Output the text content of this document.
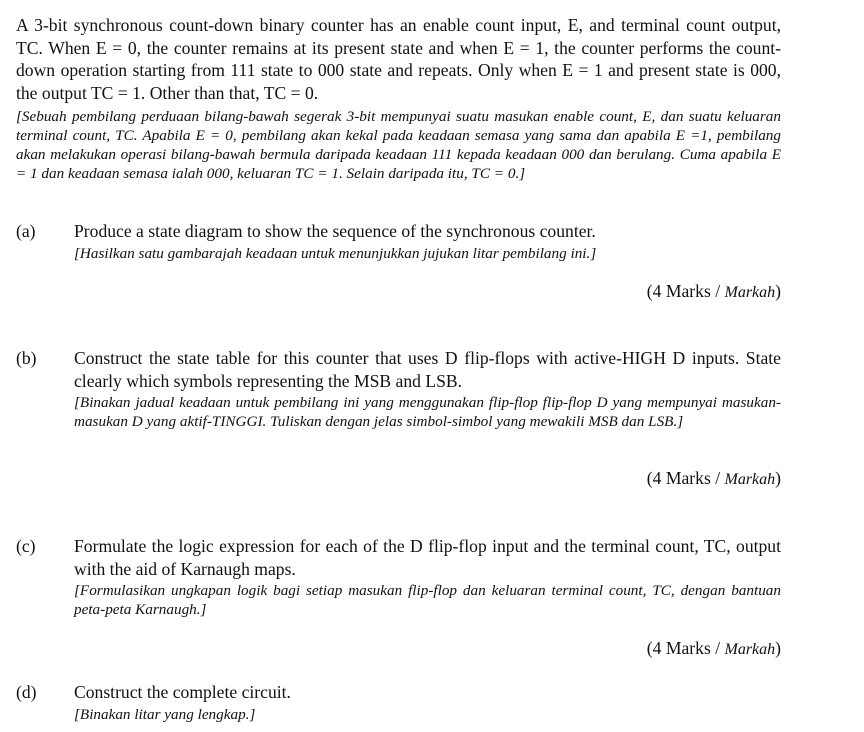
A 3-bit synchronous count-down binary counter has an enable count input, E, and terminal count output, TC. When E = 0, the counter remains at its present state and when E = 1, the counter performs the count-down operation starting from 111 state to 000 state and repeats. Only when E = 1 and present state is 000, the output TC = 1. Other than that, TC = 0.

[Sebuah pembilang perduaan bilang-bawah segerak 3-bit mempunyai suatu masukan enable count, E, dan suatu keluaran terminal count, TC. Apabila E = 0, pembilang akan kekal pada keadaan semasa yang sama dan apabila E =1, pembilang akan melakukan operasi bilang-bawah bermula daripada keadaan 111 kepada keadaan 000 dan berulang. Cuma apabila E = 1 dan keadaan semasa ialah 000, keluaran TC = 1. Selain daripada itu, TC = 0.]

(a) Produce a state diagram to show the sequence of the synchronous counter.

[Hasilkan satu gambarajah keadaan untuk menunjukkan jujukan litar pembilang ini.]

(4 Marks / Markah)
(b) Construct the state table for this counter that uses D flip-flops with active-HIGH D inputs. State clearly which symbols representing the MSB and LSB.

[Binakan jadual keadaan untuk pembilang ini yang menggunakan flip-flop flip-flop D yang mempunyai masukan-masukan D yang aktif-TINGGI. Tuliskan dengan jelas simbol-simbol yang mewakili MSB dan LSB.]

(4 Marks / Markah)
(c) Formulate the logic expression for each of the D flip-flop input and the terminal count, TC, output with the aid of Karnaugh maps.

[Formulasikan ungkapan logik bagi setiap masukan flip-flop dan keluaran terminal count, TC, dengan bantuan peta-peta Karnaugh.]

(4 Marks / Markah)
(d) Construct the complete circuit.

[Binakan litar yang lengkap.]
